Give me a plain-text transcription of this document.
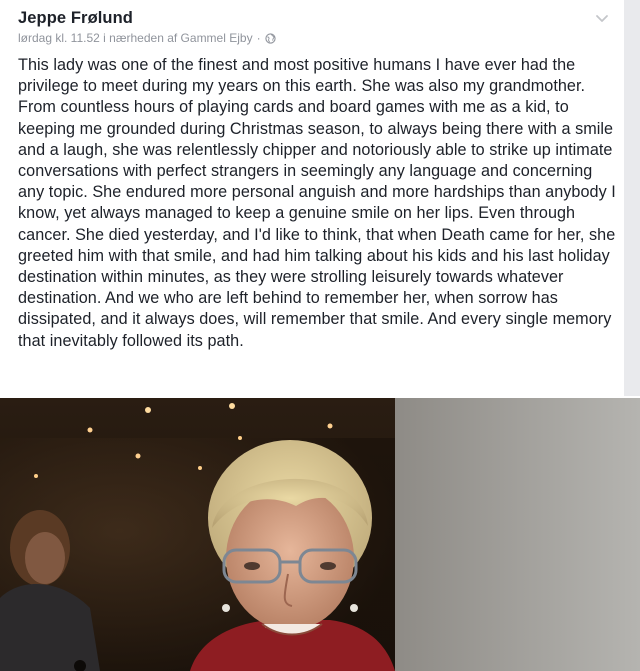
Jeppe Frølund
lørdag kl. 11.52
i nærheden af Gammel Ejby ·

This lady was one of the finest and most positive humans I have ever had the privilege to meet during my years on this earth. She was also my grandmother. From countless hours of playing cards and board games with me as a kid, to keeping me grounded during Christmas season, to always being there with a smile and a laugh, she was relentlessly chipper and notoriously able to strike up intimate conversations with perfect strangers in seemingly any language and concerning any topic. She endured more personal anguish and more hardships than anybody I know, yet always managed to keep a genuine smile on her lips. Even through cancer. She died yesterday, and I'd like to think, that when Death came for her, she greeted him with that smile, and had him talking about his kids and his last holiday destination within minutes, as they were strolling leisurely towards whatever destination. And we who are left behind to remember her, when sorrow has dissipated, and it always does, will remember that smile. And every single memory that inevitably followed its path.
